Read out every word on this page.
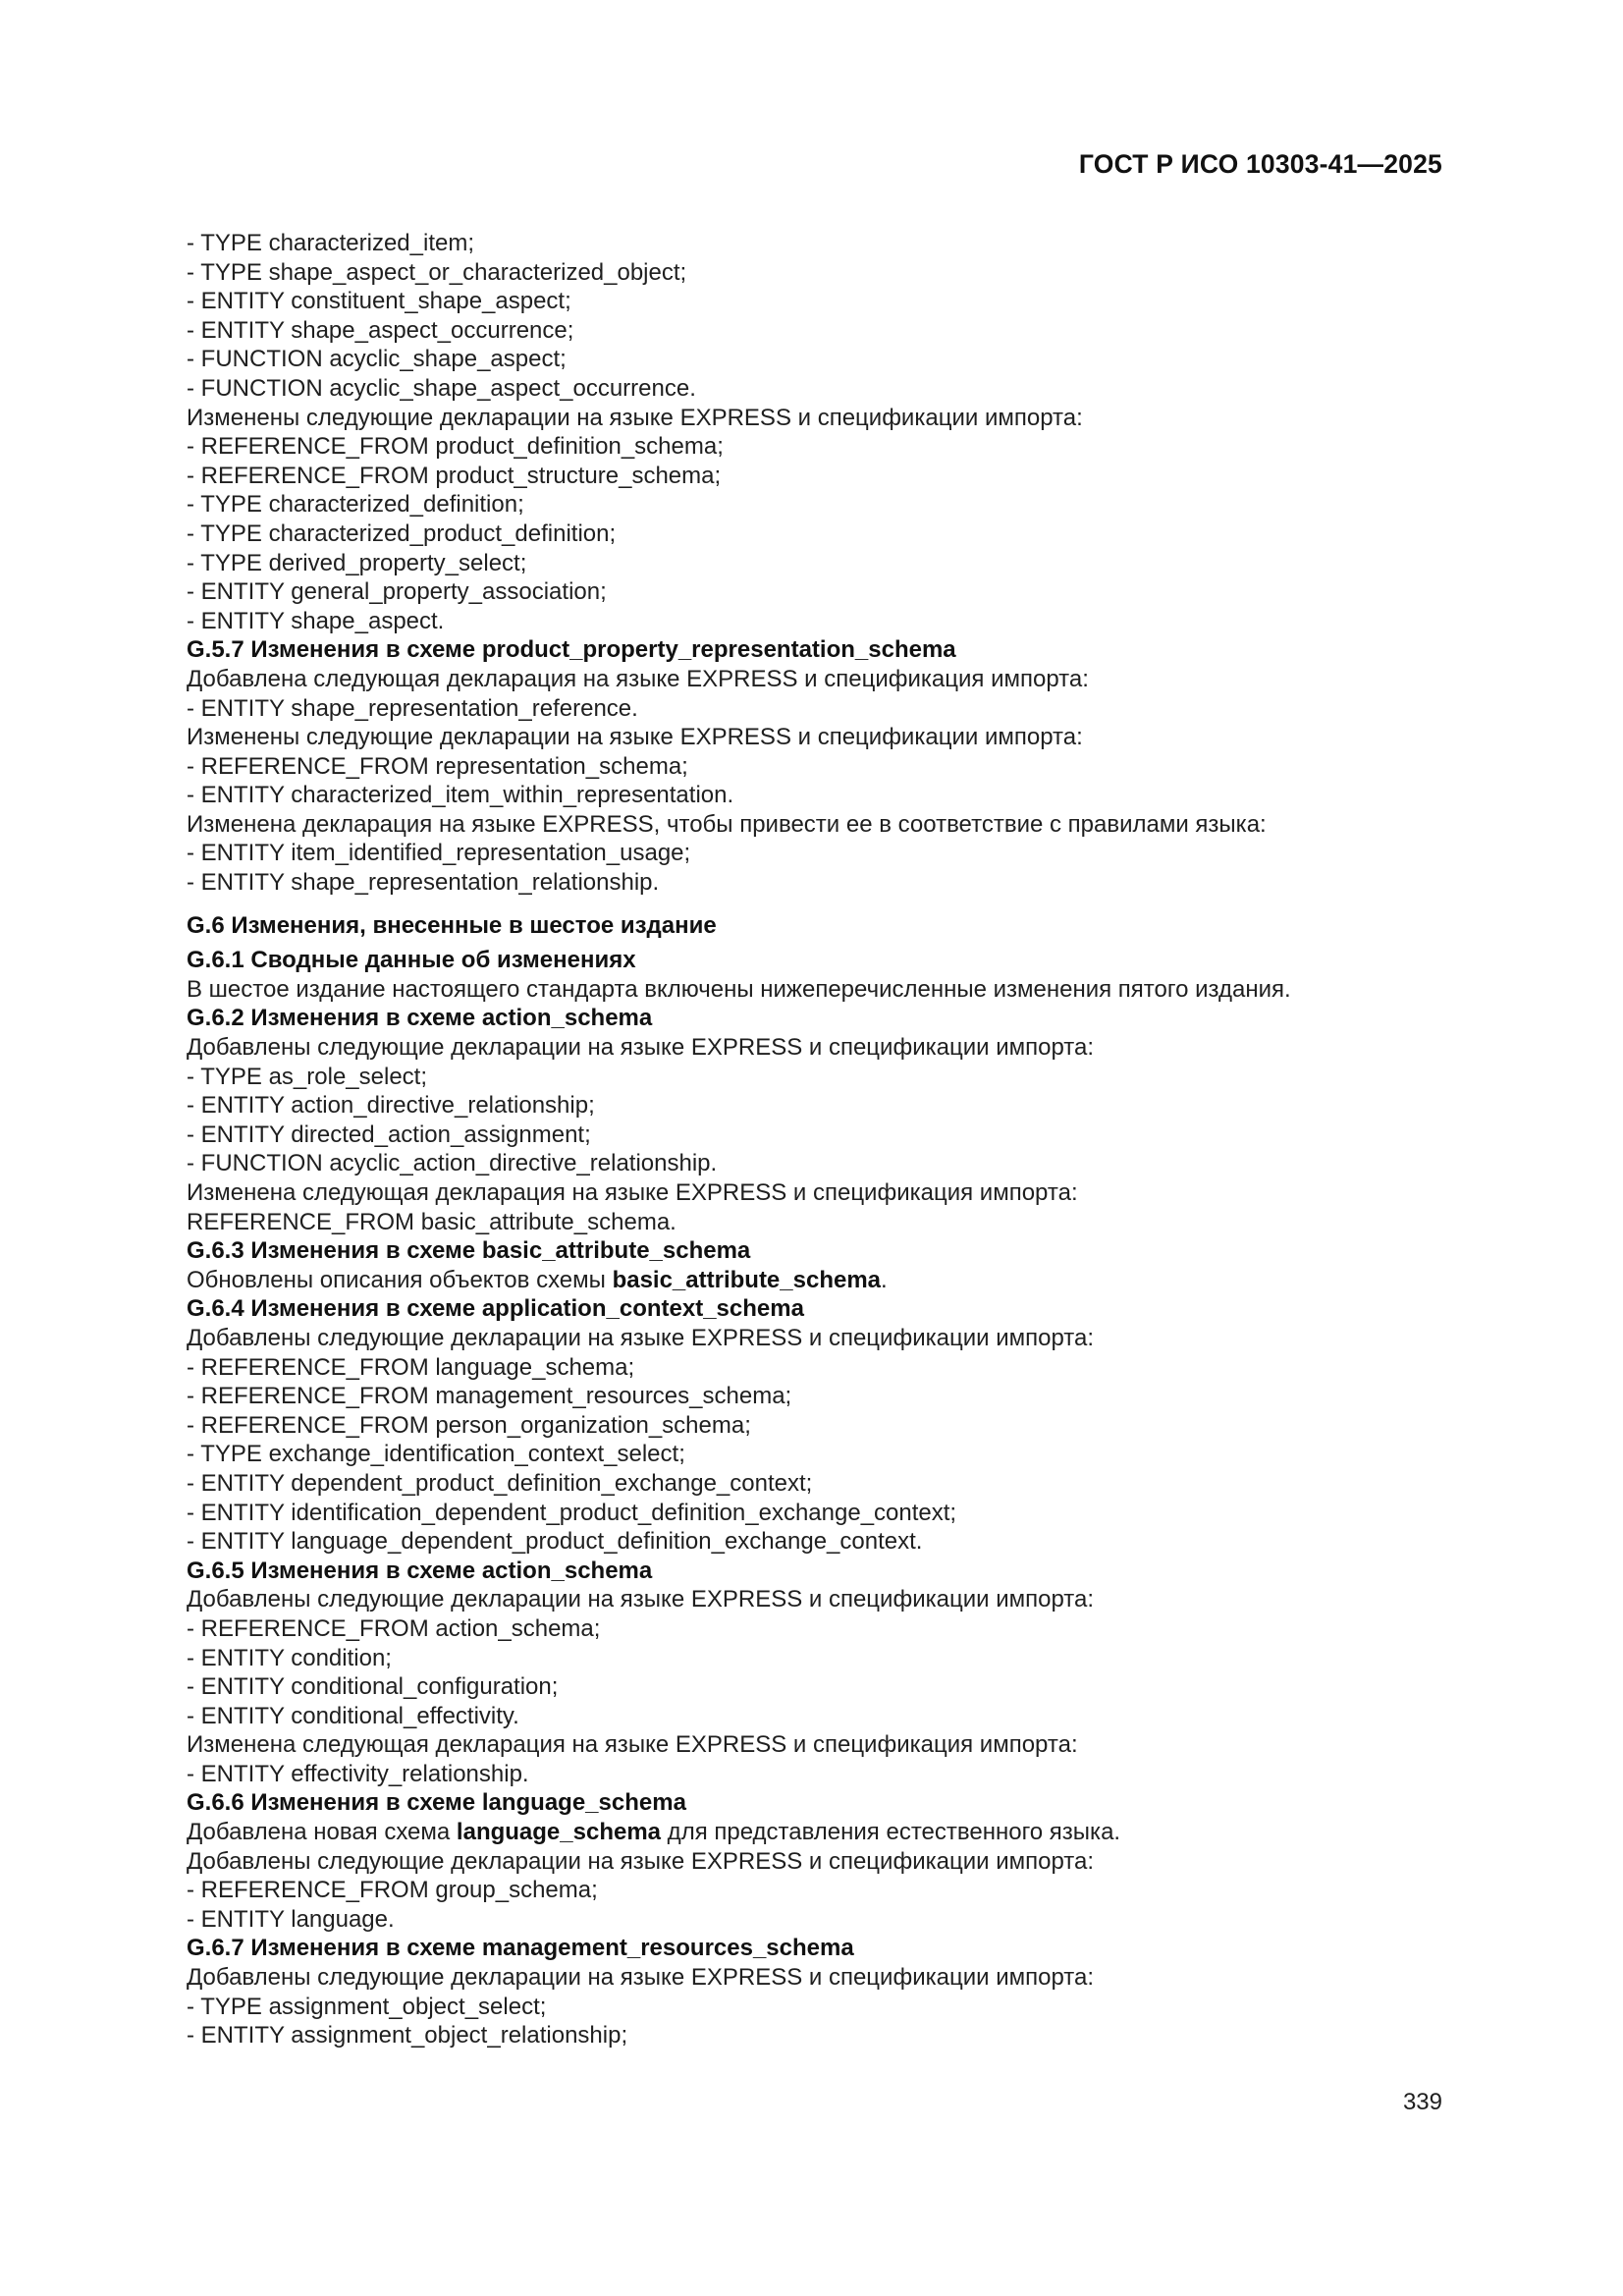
ГОСТ Р ИСО 10303-41—2025
- TYPE characterized_item;
- TYPE shape_aspect_or_characterized_object;
- ENTITY constituent_shape_aspect;
- ENTITY shape_aspect_occurrence;
- FUNCTION acyclic_shape_aspect;
- FUNCTION acyclic_shape_aspect_occurrence.
Изменены следующие декларации на языке EXPRESS и спецификации импорта:
- REFERENCE_FROM product_definition_schema;
- REFERENCE_FROM product_structure_schema;
- TYPE characterized_definition;
- TYPE characterized_product_definition;
- TYPE derived_property_select;
- ENTITY general_property_association;
- ENTITY shape_aspect.
G.5.7 Изменения в схеме product_property_representation_schema
Добавлена следующая декларация на языке EXPRESS и спецификация импорта:
- ENTITY shape_representation_reference.
Изменены следующие декларации на языке EXPRESS и спецификации импорта:
- REFERENCE_FROM representation_schema;
- ENTITY characterized_item_within_representation.
Изменена декларация на языке EXPRESS, чтобы привести ее в соответствие с правилами языка:
- ENTITY item_identified_representation_usage;
- ENTITY shape_representation_relationship.
G.6 Изменения, внесенные в шестое издание
G.6.1 Сводные данные об изменениях
В шестое издание настоящего стандарта включены нижеперечисленные изменения пятого издания.
G.6.2 Изменения в схеме action_schema
Добавлены следующие декларации на языке EXPRESS и спецификации импорта:
- TYPE as_role_select;
- ENTITY action_directive_relationship;
- ENTITY directed_action_assignment;
- FUNCTION acyclic_action_directive_relationship.
Изменена следующая декларация на языке EXPRESS и спецификация импорта:
REFERENCE_FROM basic_attribute_schema.
G.6.3 Изменения в схеме basic_attribute_schema
Обновлены описания объектов схемы basic_attribute_schema.
G.6.4 Изменения в схеме application_context_schema
Добавлены следующие декларации на языке EXPRESS и спецификации импорта:
- REFERENCE_FROM language_schema;
- REFERENCE_FROM management_resources_schema;
- REFERENCE_FROM person_organization_schema;
- TYPE exchange_identification_context_select;
- ENTITY dependent_product_definition_exchange_context;
- ENTITY identification_dependent_product_definition_exchange_context;
- ENTITY language_dependent_product_definition_exchange_context.
G.6.5 Изменения в схеме action_schema
Добавлены следующие декларации на языке EXPRESS и спецификации импорта:
- REFERENCE_FROM action_schema;
- ENTITY condition;
- ENTITY conditional_configuration;
- ENTITY conditional_effectivity.
Изменена следующая декларация на языке EXPRESS и спецификация импорта:
- ENTITY effectivity_relationship.
G.6.6 Изменения в схеме language_schema
Добавлена новая схема language_schema для представления естественного языка.
Добавлены следующие декларации на языке EXPRESS и спецификации импорта:
- REFERENCE_FROM group_schema;
- ENTITY language.
G.6.7 Изменения в схеме management_resources_schema
Добавлены следующие декларации на языке EXPRESS и спецификации импорта:
- TYPE assignment_object_select;
- ENTITY assignment_object_relationship;
339
